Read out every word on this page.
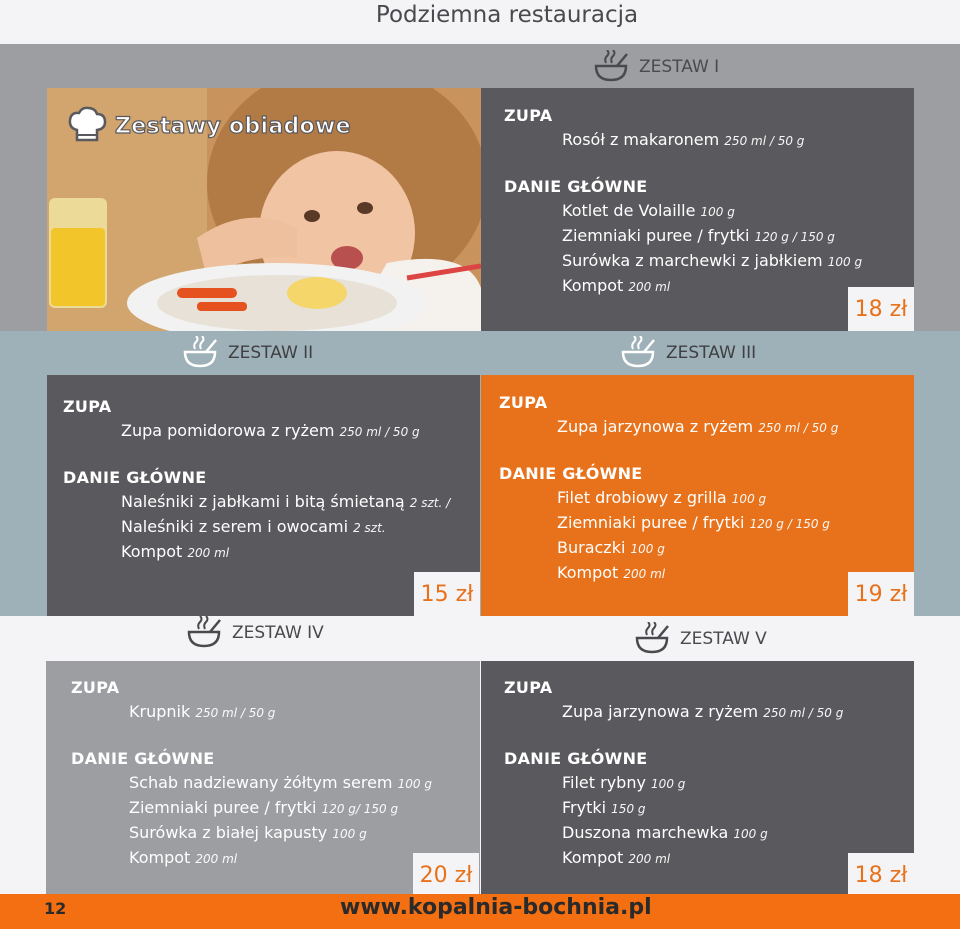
Podziemna restauracja
ZESTAW I
Zestawy obiadowe	ZUPA
Rosół z makaronem 250 ml / 50 g
DANIE GŁÓWNE
Kotlet de Volaille 100 g
Ziemniaki puree / frytki 120 g / 150 g
Surówka z marchewki z jabłkiem 100 g
Kompot 200 ml
18 zł
ZESTAW II	ZESTAW III
ZUPA
Zupa pomidorowa z ryżem 250 ml / 50 g
DANIE GŁÓWNE
Naleśniki z jabłkami i bitą śmietaną 2 szt. /
Naleśniki z serem i owocami 2 szt.
Kompot 200 ml
15 zł
ZUPA
Zupa jarzynowa z ryżem 250 ml / 50 g
DANIE GŁÓWNE
Filet drobiowy z grilla 100 g
Ziemniaki puree / frytki 120 g / 150 g
Buraczki 100 g
Kompot 200 ml
19 zł
ZESTAW IV	ZESTAW V
ZUPA
Krupnik 250 ml / 50 g
DANIE GŁÓWNE
Schab nadziewany żółtym serem 100 g
Ziemniaki puree / frytki 120 g/ 150 g
Surówka z białej kapusty 100 g
Kompot 200 ml
20 zł
ZUPA
Zupa jarzynowa z ryżem 250 ml / 50 g
DANIE GŁÓWNE
Filet rybny 100 g
Frytki 150 g
Duszona marchewka 100 g
Kompot 200 ml
18 zł
12	www.kopalnia-bochnia.pl
